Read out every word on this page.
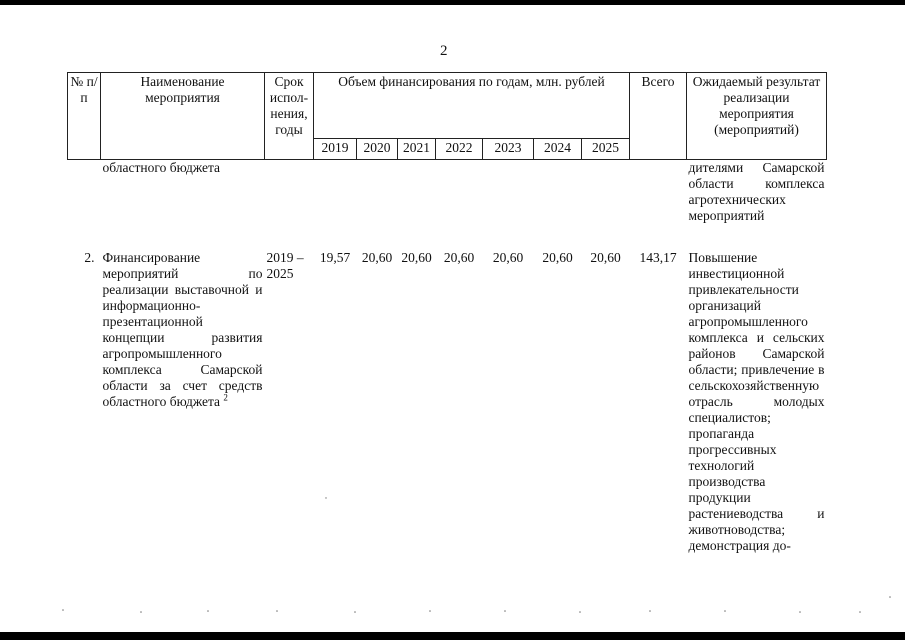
2
№ п/п	Наименование мероприятия	Срок испол-нения, годы	Объем финансирования по годам, млн. рублей							Всего	Ожидаемый результат реализации мероприятия (мероприятий)
			2019	2020	2021	2022	2023	2024	2025		
	областного бюджета										дителями Самарской области комплекса агротехнических мероприятий
2.	Финансирование мероприятий по реализации выставочной и информационно-презентационной концепции развития агропромышленного комплекса Самарской области за счет средств областного бюджета $^2$	2019 – 2025	19,57	20,60	20,60	20,60	20,60	20,60	20,60	143,17	Повышение инвестиционной привлекательности организаций агропромышленного комплекса и сельских районов Самарской области; привлечение в сельскохозяйственную отрасль молодых специалистов; пропаганда прогрессивных технологий производства продукции растениеводства и животноводства; демонстрация до-
